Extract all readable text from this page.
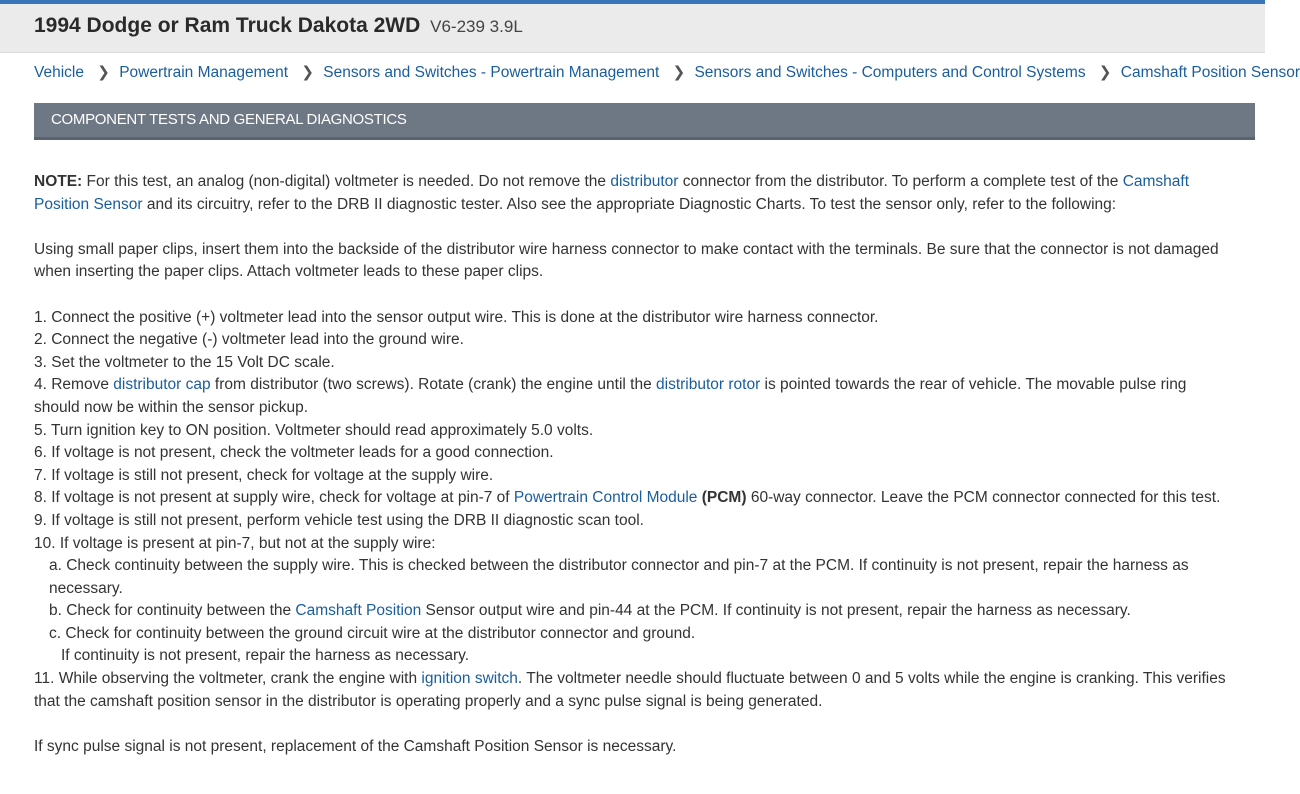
1994 Dodge or Ram Truck Dakota 2WD V6-239 3.9L
Vehicle ❯ Powertrain Management ❯ Sensors and Switches - Powertrain Management ❯ Sensors and Switches - Computers and Control Systems ❯ Camshaft Position Sensor
COMPONENT TESTS AND GENERAL DIAGNOSTICS

NOTE: For this test, an analog (non-digital) voltmeter is needed. Do not remove the distributor connector from the distributor. To perform a complete test of the Camshaft Position Sensor and its circuitry, refer to the DRB II diagnostic tester. Also see the appropriate Diagnostic Charts. To test the sensor only, refer to the following:

Using small paper clips, insert them into the backside of the distributor wire harness connector to make contact with the terminals. Be sure that the connector is not damaged when inserting the paper clips. Attach voltmeter leads to these paper clips.

1. Connect the positive (+) voltmeter lead into the sensor output wire. This is done at the distributor wire harness connector.

2. Connect the negative (-) voltmeter lead into the ground wire.

3. Set the voltmeter to the 15 Volt DC scale.

4. Remove distributor cap from distributor (two screws). Rotate (crank) the engine until the distributor rotor is pointed towards the rear of vehicle. The movable pulse ring should now be within the sensor pickup.

5. Turn ignition key to ON position. Voltmeter should read approximately 5.0 volts.

6. If voltage is not present, check the voltmeter leads for a good connection.

7. If voltage is still not present, check for voltage at the supply wire.

8. If voltage is not present at supply wire, check for voltage at pin-7 of Powertrain Control Module (PCM) 60-way connector. Leave the PCM connector connected for this test.

9. If voltage is still not present, perform vehicle test using the DRB II diagnostic scan tool.

10. If voltage is present at pin-7, but not at the supply wire:

a. Check continuity between the supply wire. This is checked between the distributor connector and pin-7 at the PCM. If continuity is not present, repair the harness as necessary.

b. Check for continuity between the Camshaft Position Sensor output wire and pin-44 at the PCM. If continuity is not present, repair the harness as necessary.

c. Check for continuity between the ground circuit wire at the distributor connector and ground.

If continuity is not present, repair the harness as necessary.

11. While observing the voltmeter, crank the engine with ignition switch. The voltmeter needle should fluctuate between 0 and 5 volts while the engine is cranking. This verifies that the camshaft position sensor in the distributor is operating properly and a sync pulse signal is being generated.

If sync pulse signal is not present, replacement of the Camshaft Position Sensor is necessary.
